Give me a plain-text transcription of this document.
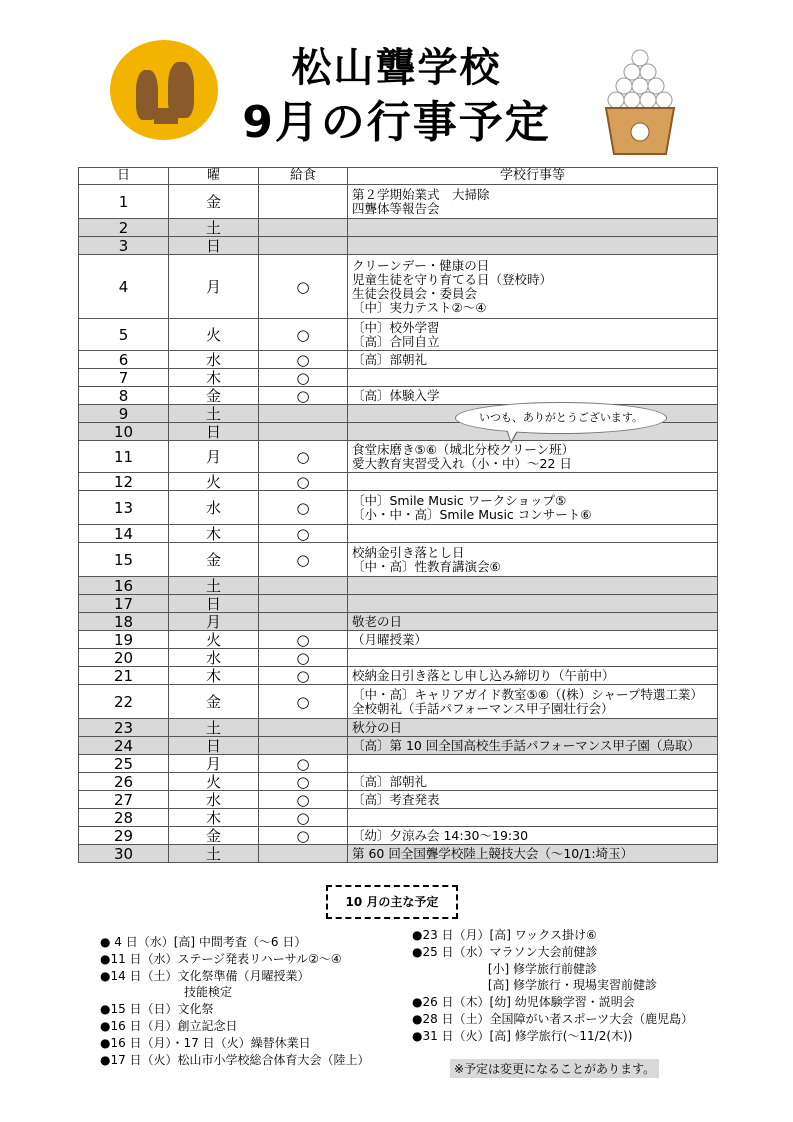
松山聾学校
9月の行事予定
日	曜	給食	学校行事等
1	金		第２学期始業式　大掃除
四聾体等報告会

2	土		
3	日		
4	月	○	クリーンデー・健康の日
児童生徒を守り育てる日（登校時）
生徒会役員会・委員会
〔中〕実力テスト②～④

5	火	○	〔中〕校外学習
〔高〕合同自立

6	水	○	〔高〕部朝礼

7	木	○	
8	金	○	〔高〕体験入学

9	土		
10	日		
11	月	○	食堂床磨き⑤⑥（城北分校クリーン班）
愛大教育実習受入れ（小・中）～22 日

12	火	○	
13	水	○	〔中〕Smile Music ワークショップ⑤
〔小・中・高〕Smile Music コンサート⑥

14	木	○	
15	金	○	校納金引き落とし日
〔中・高〕性教育講演会⑥

16	土		
17	日		
18	月		敬老の日

19	火	○	（月曜授業）

20	水	○	
21	木	○	校納金日引き落とし申し込み締切り（午前中）

22	金	○	〔中・高〕キャリアガイド教室⑤⑥（(株）シャープ特選工業）
全校朝礼（手話パフォーマンス甲子園壮行会）

23	土		秋分の日

24	日		〔高〕第 10 回全国高校生手話パフォーマンス甲子園（鳥取）

25	月	○	
26	火	○	〔高〕部朝礼

27	水	○	〔高〕考査発表

28	木	○	
29	金	○	〔幼〕夕涼み会 14:30～19:30

30	土		第 60 回全国聾学校陸上競技大会（～10/1:埼玉）
いつも、ありがとうございます。
10 月の主な予定
● 4 日（水）[高] 中間考査（～6 日）
●11 日（水）ステージ発表リハーサル②～④
●14 日（土）文化祭準備（月曜授業）
　　　　　　　技能検定
●15 日（日）文化祭
●16 日（月）創立記念日
●16 日（月）・17 日（火）繰替休業日
●17 日（火）松山市小学校総合体育大会（陸上）
●23 日（月）[高] ワックス掛け⑥
●25 日（水）マラソン大会前健診
　　　　　　 [小] 修学旅行前健診
　　　　　　 [高] 修学旅行・現場実習前健診
●26 日（木）[幼] 幼児体験学習・説明会
●28 日（土）全国障がい者スポーツ大会（鹿児島）
●31 日（火）[高] 修学旅行(～11/2(木))
※予定は変更になることがあります。
